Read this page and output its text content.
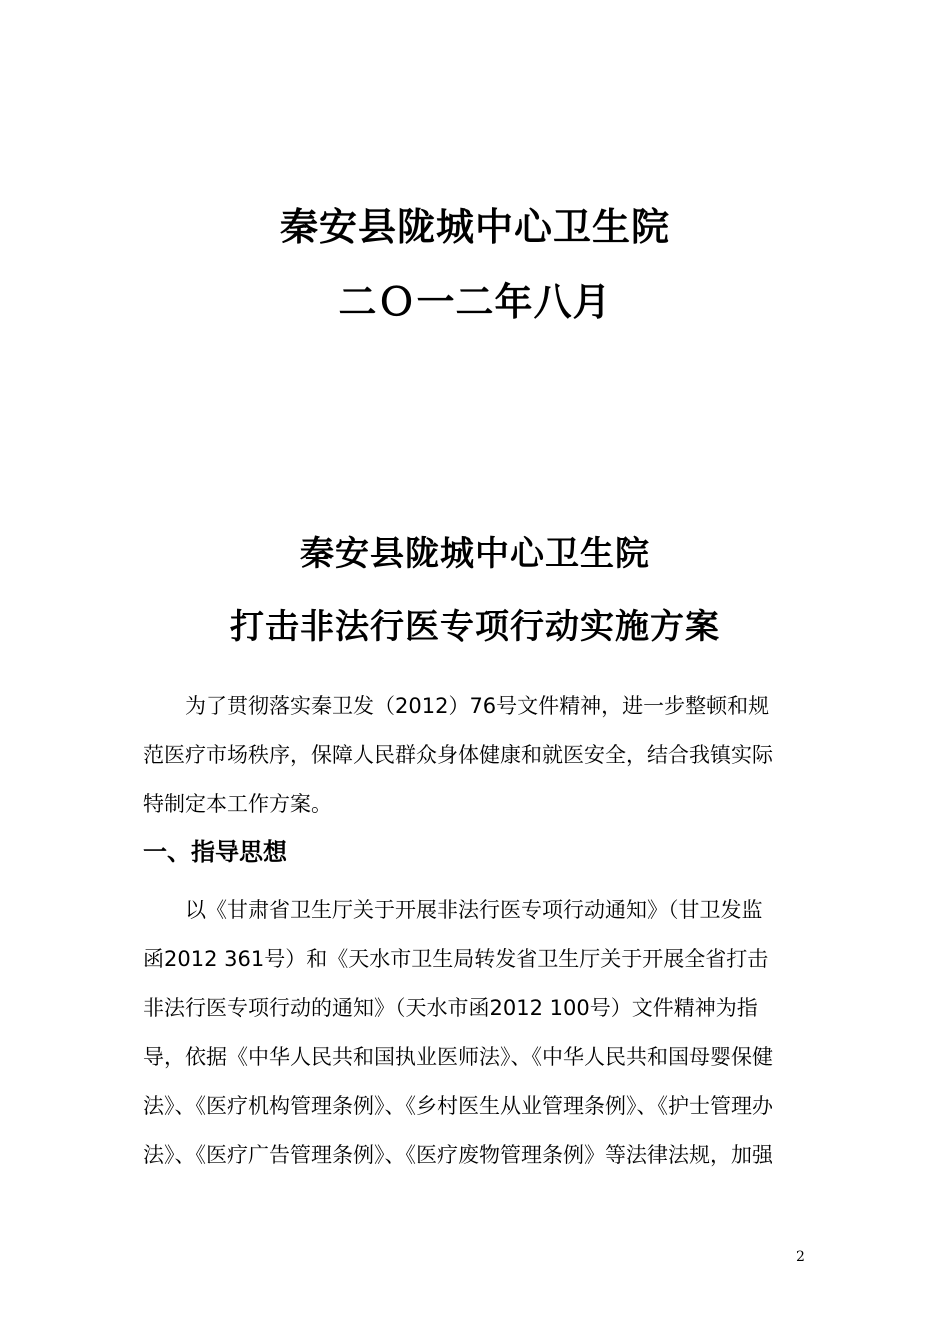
秦安县陇城中心卫生院
二Ｏ一二年八月
秦安县陇城中心卫生院
打击非法行医专项行动实施方案
为了贯彻落实秦卫发（2012）76号文件精神，进一步整顿和规
范医疗市场秩序，保障人民群众身体健康和就医安全，结合我镇实际
特制定本工作方案。
一、指导思想
以《甘肃省卫生厅关于开展非法行医专项行动通知》（甘卫发监
函2012 361号）和《天水市卫生局转发省卫生厅关于开展全省打击
非法行医专项行动的通知》（天水市函2012 100号）文件精神为指
导，依据《中华人民共和国执业医师法》、《中华人民共和国母婴保健
法》、《医疗机构管理条例》、《乡村医生从业管理条例》、《护士管理办
法》、《医疗广告管理条例》、《医疗废物管理条例》等法律法规，加强
2
